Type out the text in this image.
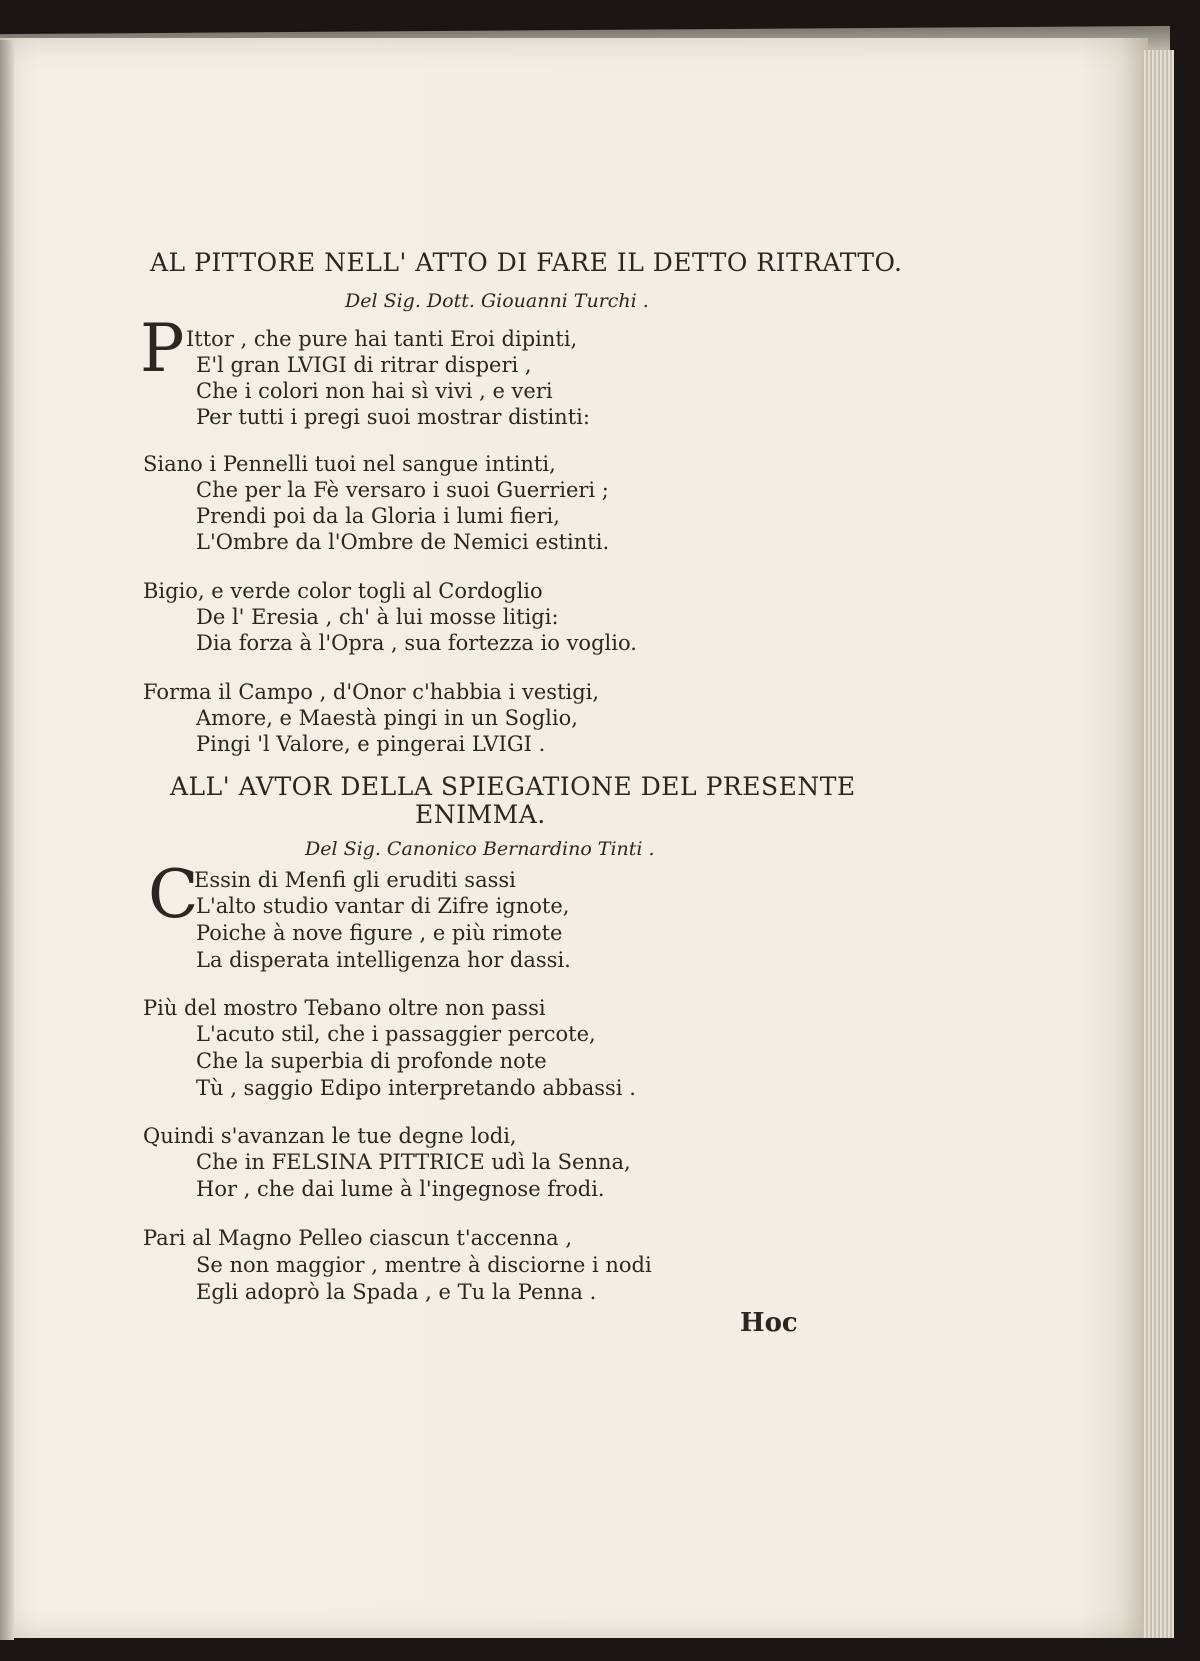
AL PITTORE NELL' ATTO DI FARE IL DETTO RITRATTO.
Del Sig. Dott. Giouanni Turchi .
P Ittor , che pure hai tanti Eroi dipinti,
E'l gran LVIGI di ritrar disperi ,
Che i colori non hai sì vivi , e veri
Per tutti i pregi suoi mostrar distinti:
Siano i Pennelli tuoi nel sangue intinti,
Che per la Fè versaro i suoi Guerrieri ;
Prendi poi da la Gloria i lumi fieri,
L'Ombre da l'Ombre de Nemici estinti.
Bigio, e verde color togli al Cordoglio
De l' Eresia , ch' à lui mosse litigi:
Dia forza à l'Opra , sua fortezza io voglio.
Forma il Campo , d'Onor c'habbia i vestigi,
Amore, e Maestà pingi in un Soglio,
Pingi 'l Valore, e pingerai LVIGI .
ALL' AVTOR DELLA SPIEGATIONE DEL PRESENTE
ENIMMA.
Del Sig. Canonico Bernardino Tinti .
C
Essin di Menfi gli eruditi sassi
L'alto studio vantar di Zifre ignote,
Poiche à nove figure , e più rimote
La disperata intelligenza hor dassi.
Più del mostro Tebano oltre non passi
L'acuto stil, che i passaggier percote,
Che la superbia di profonde note
Tù , saggio Edipo interpretando abbassi .
Quindi s'avanzan le tue degne lodi,
Che in FELSINA PITTRICE udì la Senna,
Hor , che dai lume à l'ingegnose frodi.
Pari al Magno Pelleo ciascun t'accenna ,
Se non maggior , mentre à disciorne i nodi
Egli adoprò la Spada , e Tu la Penna .
Hoc
